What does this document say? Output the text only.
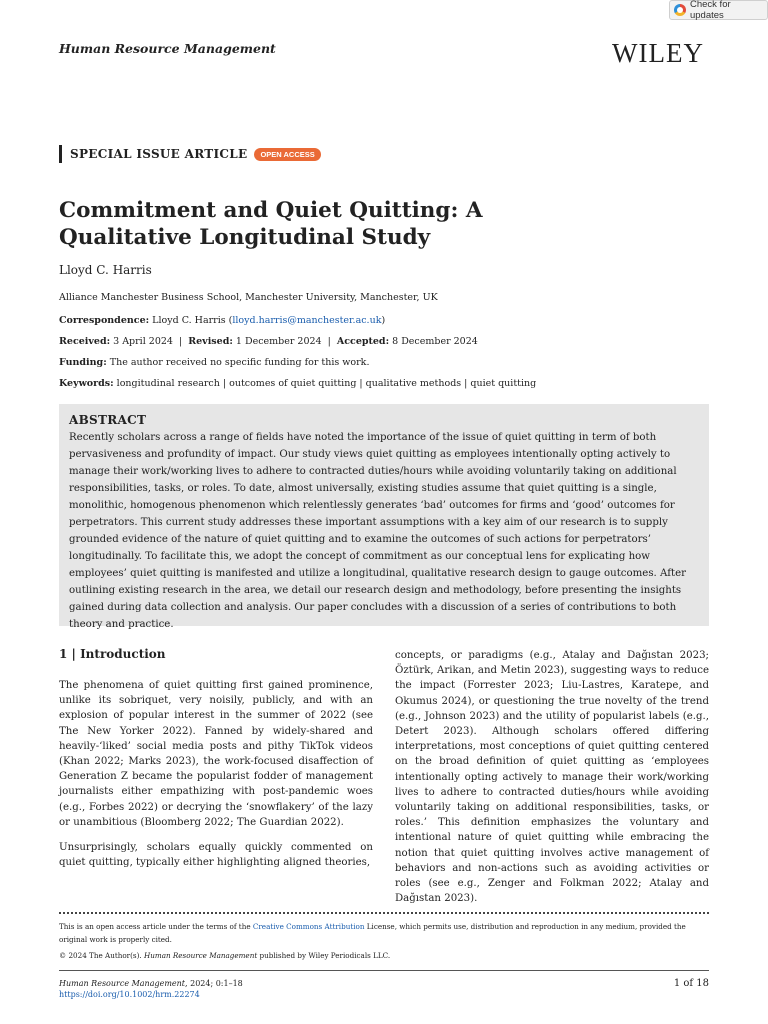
Check for updates
Human Resource Management	WILEY
SPECIAL ISSUE ARTICLE	OPEN ACCESS
Commitment and Quiet Quitting: A Qualitative Longitudinal Study
Lloyd C. Harris
Alliance Manchester Business School, Manchester University, Manchester, UK
Correspondence: Lloyd C. Harris (lloyd.harris@manchester.ac.uk)
Received: 3 April 2024  |  Revised: 1 December 2024  |  Accepted: 8 December 2024
Funding: The author received no specific funding for this work.
Keywords: longitudinal research | outcomes of quiet quitting | qualitative methods | quiet quitting
ABSTRACT
Recently scholars across a range of fields have noted the importance of the issue of quiet quitting in term of both pervasiveness and profundity of impact. Our study views quiet quitting as employees intentionally opting actively to manage their work/working lives to adhere to contracted duties/hours while avoiding voluntarily taking on additional responsibilities, tasks, or roles. To date, almost universally, existing studies assume that quiet quitting is a single, monolithic, homogenous phenomenon which relentlessly generates ‘bad’ outcomes for firms and ‘good’ outcomes for perpetrators. This current study addresses these important assumptions with a key aim of our research is to supply grounded evidence of the nature of quiet quitting and to examine the outcomes of such actions for perpetrators’ longitudinally. To facilitate this, we adopt the concept of commitment as our conceptual lens for explicating how employees’ quiet quitting is manifested and utilize a longitudinal, qualitative research design to gauge outcomes. After outlining existing research in the area, we detail our research design and methodology, before presenting the insights gained during data collection and analysis. Our paper concludes with a discussion of a series of contributions to both theory and practice.
1 | Introduction

The phenomena of quiet quitting first gained prominence, unlike its sobriquet, very noisily, publicly, and with an explosion of popular interest in the summer of 2022 (see The New Yorker 2022). Fanned by widely-shared and heavily-‘liked’ social media posts and pithy TikTok videos (Khan 2022; Marks 2023), the work-focused disaffection of Generation Z became the popularist fodder of management journalists either empathizing with post-pandemic woes (e.g., Forbes 2022) or decrying the ‘snowflakery’ of the lazy or unambitious (Bloomberg 2022; The Guardian 2022).

Unsurprisingly, scholars equally quickly commented on quiet quitting, typically either highlighting aligned theories,

concepts, or paradigms (e.g., Atalay and Dağıstan 2023; Öztürk, Arikan, and Metin 2023), suggesting ways to reduce the impact (Forrester 2023; Liu-Lastres, Karatepe, and Okumus 2024), or questioning the true novelty of the trend (e.g., Johnson 2023) and the utility of popularist labels (e.g., Detert 2023). Although scholars offered differing interpretations, most conceptions of quiet quitting centered on the broad definition of quiet quitting as ‘employees intentionally opting actively to manage their work/working lives to adhere to contracted duties/hours while avoiding voluntarily taking on additional responsibilities, tasks, or roles.’ This definition emphasizes the voluntary and intentional nature of quiet quitting while embracing the notion that quiet quitting involves active management of behaviors and non-actions such as avoiding activities or roles (see e.g., Zenger and Folkman 2022; Atalay and Dağıstan 2023).

This is an open access article under the terms of the Creative Commons Attribution License, which permits use, distribution and reproduction in any medium, provided the original work is properly cited.
© 2024 The Author(s). Human Resource Management published by Wiley Periodicals LLC.
Human Resource Management, 2024; 0:1–18
https://doi.org/10.1002/hrm.22274
1 of 18
